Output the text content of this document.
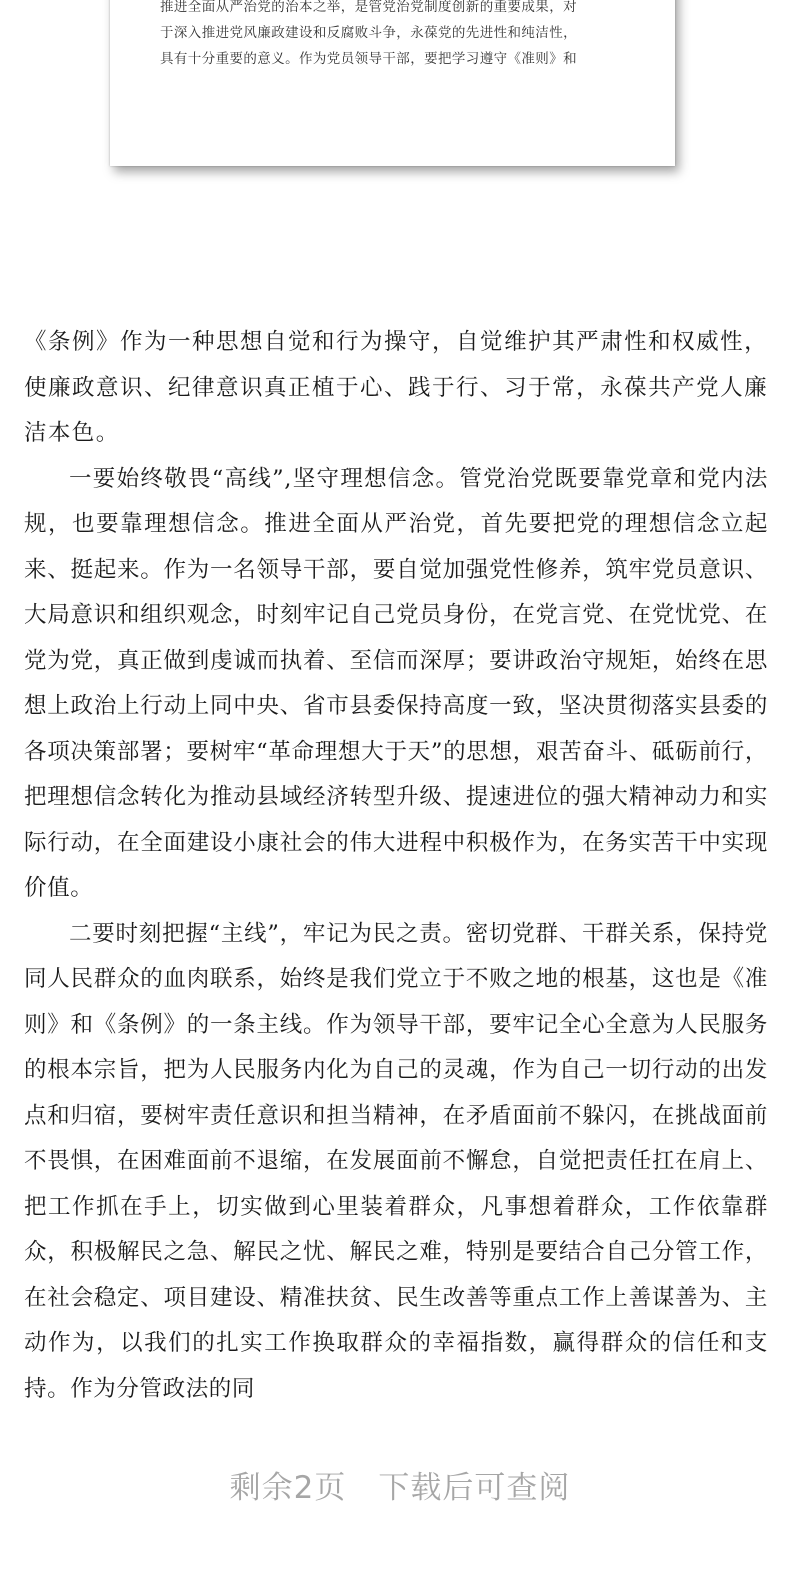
推进全面从严治党的治本之举，是管党治党制度创新的重要成果，对
于深入推进党风廉政建设和反腐败斗争，永葆党的先进性和纯洁性，
具有十分重要的意义。作为党员领导干部，要把学习遵守《准则》和

《条例》作为一种思想自觉和行为操守，自觉维护其严肃性和权威性，使廉政意识、纪律意识真正植于心、践于行、习于常，永葆共产党人廉洁本色。

一要始终敬畏“高线”,坚守理想信念。管党治党既要靠党章和党内法规，也要靠理想信念。推进全面从严治党，首先要把党的理想信念立起来、挺起来。作为一名领导干部，要自觉加强党性修养，筑牢党员意识、大局意识和组织观念，时刻牢记自己党员身份，在党言党、在党忧党、在党为党，真正做到虔诚而执着、至信而深厚；要讲政治守规矩，始终在思想上政治上行动上同中央、省市县委保持高度一致，坚决贯彻落实县委的各项决策部署；要树牢“革命理想大于天”的思想，艰苦奋斗、砥砺前行，把理想信念转化为推动县域经济转型升级、提速进位的强大精神动力和实际行动，在全面建设小康社会的伟大进程中积极作为，在务实苦干中实现价值。

二要时刻把握“主线”，牢记为民之责。密切党群、干群关系，保持党同人民群众的血肉联系，始终是我们党立于不败之地的根基，这也是《准则》和《条例》的一条主线。作为领导干部，要牢记全心全意为人民服务的根本宗旨，把为人民服务内化为自己的灵魂，作为自己一切行动的出发点和归宿，要树牢责任意识和担当精神，在矛盾面前不躲闪，在挑战面前不畏惧，在困难面前不退缩，在发展面前不懈怠，自觉把责任扛在肩上、把工作抓在手上，切实做到心里装着群众，凡事想着群众，工作依靠群众，积极解民之急、解民之忧、解民之难，特别是要结合自己分管工作，在社会稳定、项目建设、精准扶贫、民生改善等重点工作上善谋善为、主动作为，以我们的扎实工作换取群众的幸福指数，赢得群众的信任和支持。作为分管政法的同

剩余2页　下载后可查阅
